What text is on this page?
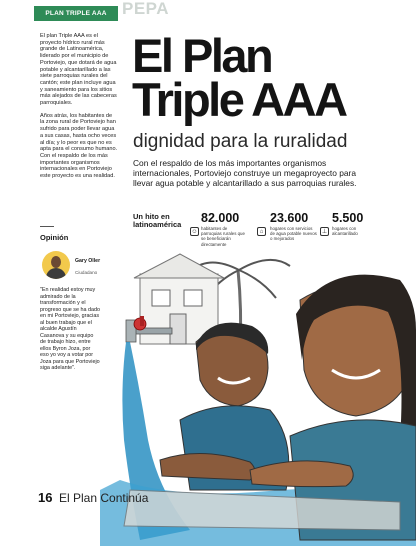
PLAN TRIPLE AAA PEPA

El plan Triple AAA es el proyecto hídrico rural más grande de Latinoamérica, liderado por el municipio de Portoviejo, que dotará de agua potable y alcantarillado a las siete parroquias rurales del cantón; este plan incluye agua y saneamiento para los sitios más alejados de las cabeceras parroquiales.

Años atrás, los habitantes de la zona rural de Portoviejo han sufrido para poder llevar agua a sus casas, hasta ocho veces al día; y lo peor es que no es apta para el consumo humano. Con el respaldo de los más importantes organismos internacionales en Portoviejo este proyecto es una realidad.

Opinión
Gary Oller
Ciudadano
"En realidad estoy muy admirado de la transformación y el progreso que se ha dado en mi Portoviejo, gracias al buen trabajo que el alcalde Agustín Casanova y su equipo de trabajo hizo, entre ellos Byron Joza, por eso yo voy a votar por Joza para que Portoviejo siga adelante".
El Plan
Triple AAA
dignidad para la ruralidad
Con el respaldo de los más importantes organismos internacionales, Portoviejo construye un megaproyecto para llevar agua potable y alcantarillado a sus parroquias rurales.
Un hito en latinoamérica
☺
82.000
habitantes de parroquias rurales que se beneficiarán directamente
⌂
23.600
hogares con servicios de agua potable nuevos o mejorados
⊥
5.500
hogares con alcantarillado
16 El Plan Continúa
